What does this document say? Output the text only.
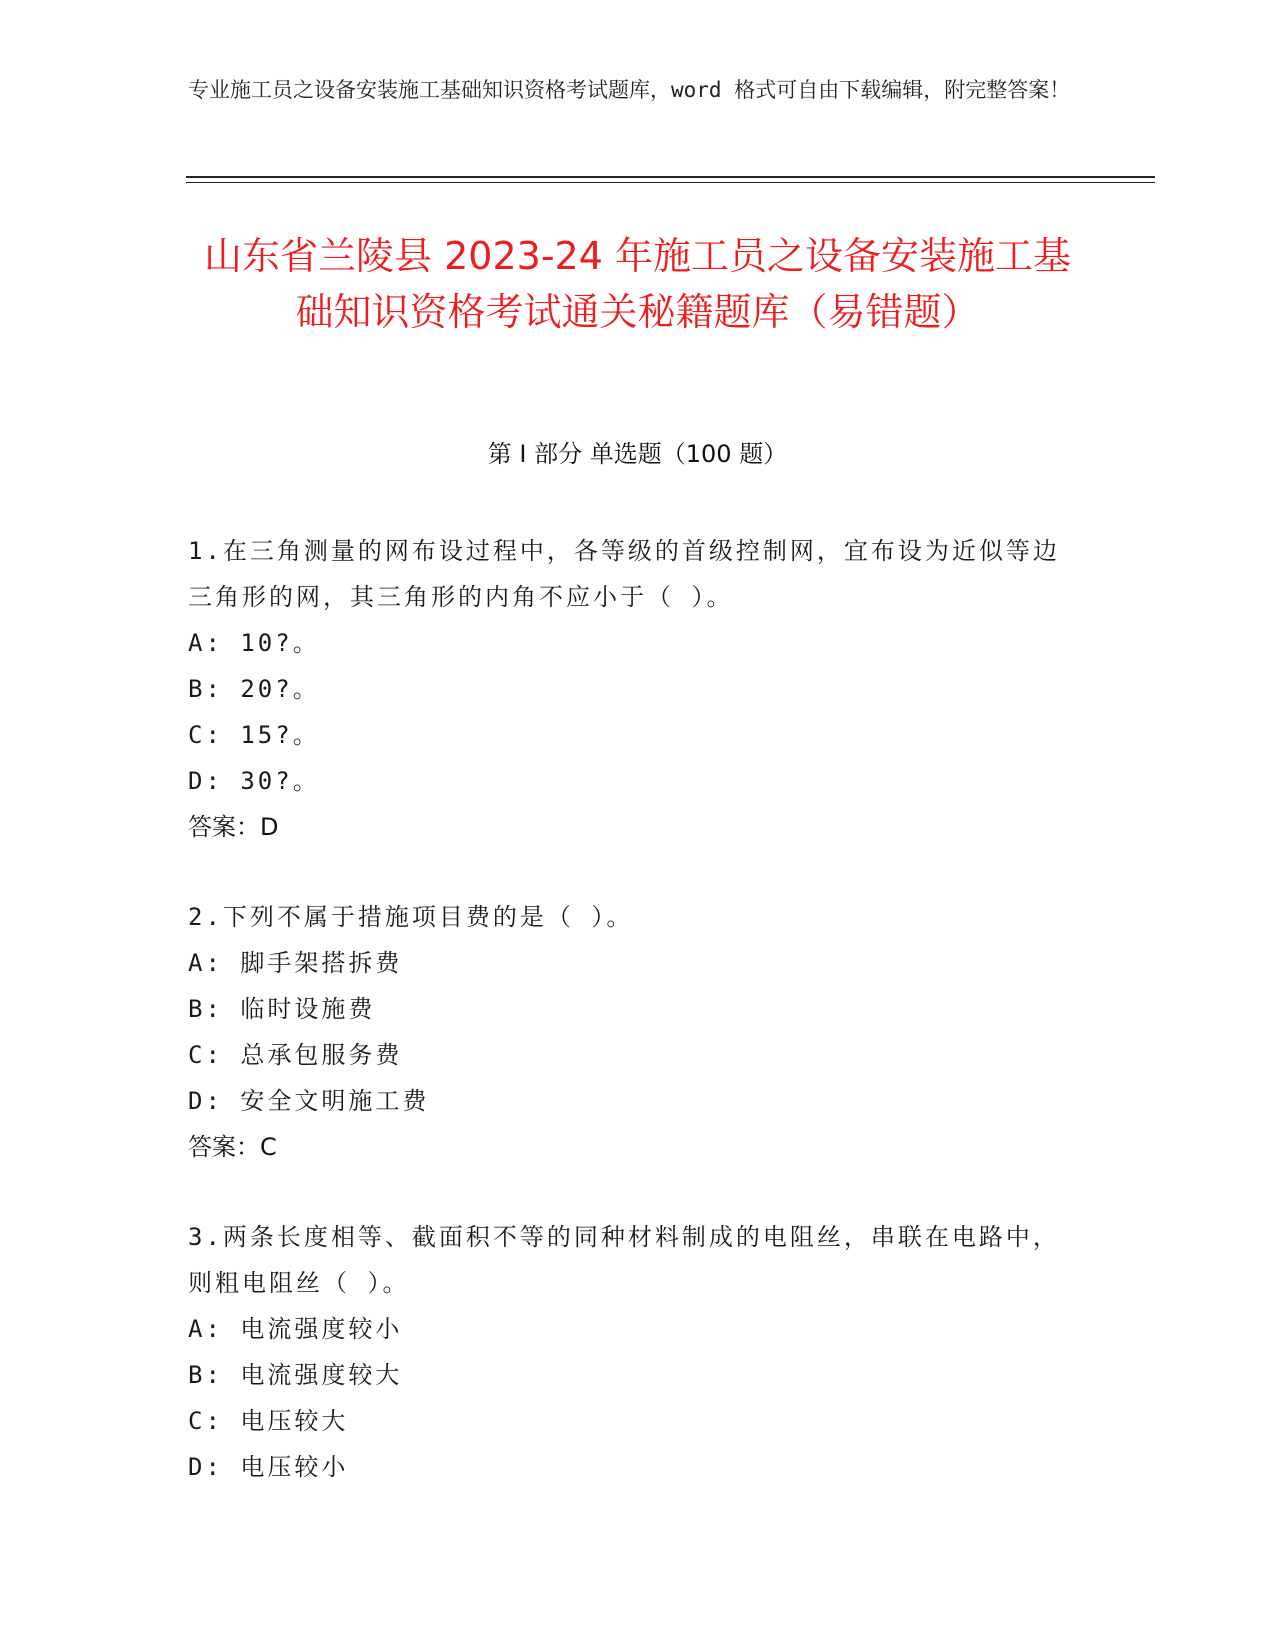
专业施工员之设备安装施工基础知识资格考试题库，word 格式可自由下载编辑，附完整答案！
山东省兰陵县 2023-24 年施工员之设备安装施工基础知识资格考试通关秘籍题库（易错题）
第 I 部分 单选题（100 题）
1.在三角测量的网布设过程中，各等级的首级控制网，宜布设为近似等边三角形的网，其三角形的内角不应小于（ ）。
A: 10?。
B: 20?。
C: 15?。
D: 30?。
答案：D
2.下列不属于措施项目费的是（ ）。
A: 脚手架搭拆费
B: 临时设施费
C: 总承包服务费
D: 安全文明施工费
答案：C
3.两条长度相等、截面积不等的同种材料制成的电阻丝，串联在电路中，则粗电阻丝（ ）。
A: 电流强度较小
B: 电流强度较大
C: 电压较大
D: 电压较小
